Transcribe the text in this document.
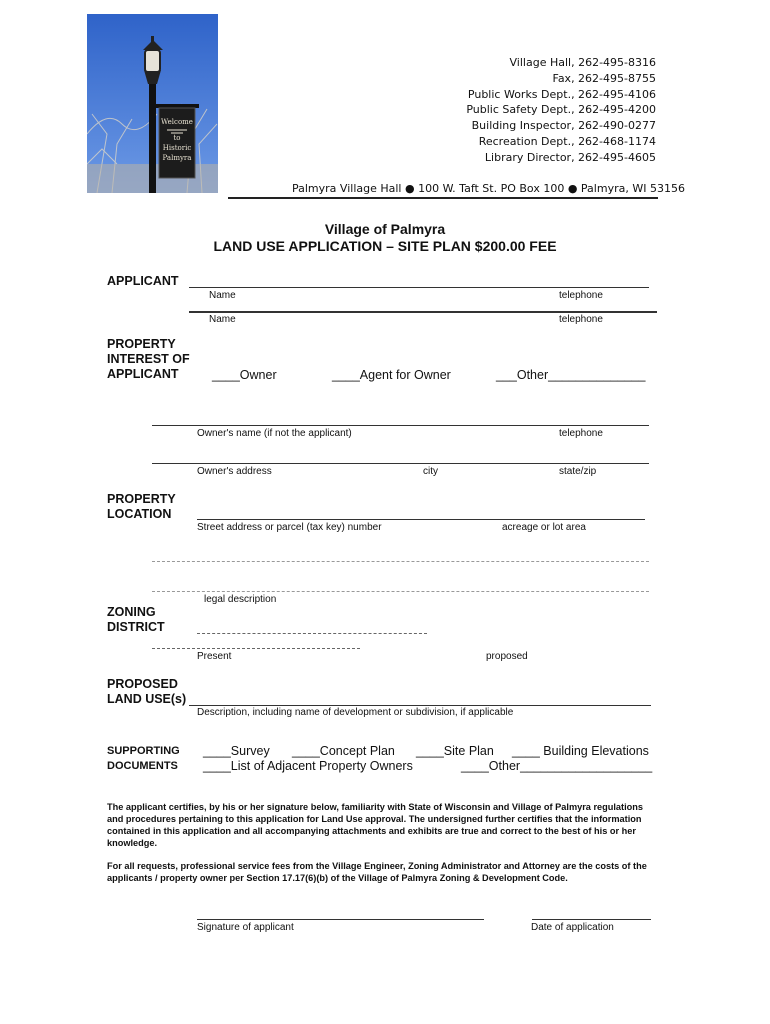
Welcome
to
Historic
Palmyra
Village Hall, 262-495-8316
Fax, 262-495-8755
Public Works Dept., 262-495-4106
Public Safety Dept., 262-495-4200
Building Inspector, 262-490-0277
Recreation Dept., 262-468-1174
Library Director, 262-495-4605
Palmyra Village Hall ● 100 W. Taft St. PO Box 100 ● Palmyra, WI 53156
Village of Palmyra
LAND USE APPLICATION – SITE PLAN $200.00 FEE
APPLICANT
Name	telephone
Name	telephone
PROPERTY
INTEREST OF
APPLICANT	____Owner	____Agent for Owner	___Other______________
Owner's name (if not the applicant)	telephone
Owner's address	city	state/zip
PROPERTY
LOCATION
Street address or parcel (tax key) number	acreage or lot area
legal description
ZONING
DISTRICT
Present	proposed
PROPOSED
LAND USE(s)
Description, including name of development or subdivision, if applicable
SUPPORTING
DOCUMENTS
____Survey ____Concept Plan ____Site Plan ____ Building Elevations
____List of Adjacent Property Owners	____Other___________________
The applicant certifies, by his or her signature below, familiarity with State of Wisconsin and Village of Palmyra regulations and procedures pertaining to this application for Land Use approval. The undersigned further certifies that the information contained in this application and all accompanying attachments and exhibits are true and correct to the best of his or her knowledge.
For all requests, professional service fees from the Village Engineer, Zoning Administrator and Attorney are the costs of the applicants / property owner per Section 17.17(6)(b) of the Village of Palmyra Zoning & Development Code.
Signature of applicant	Date of application
